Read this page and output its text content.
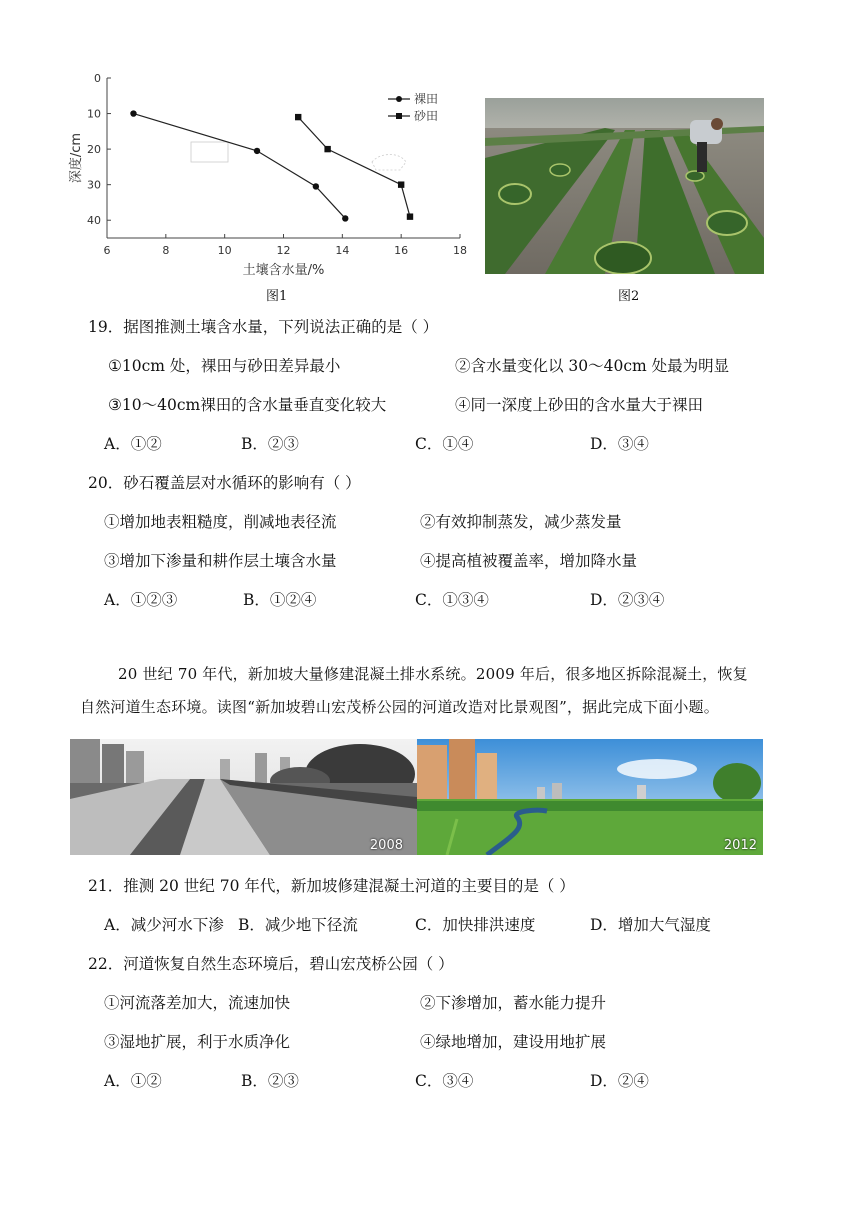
6	8	10	12	14	16	18
0
10
20
30
40
土壤含水量/%
深度/cm
裸田
砂田
图1	图2
19．据图推测土壤含水量，下列说法正确的是（ ）
①10cm 处，裸田与砂田差异最小	②含水量变化以 30～40cm 处最为明显
③10～40cm裸田的含水量垂直变化较大	④同一深度上砂田的含水量大于裸田
A．①②	B．②③	C．①④	D．③④
20．砂石覆盖层对水循环的影响有（ ）
①增加地表粗糙度，削减地表径流	②有效抑制蒸发，减少蒸发量
③增加下渗量和耕作层土壤含水量	④提高植被覆盖率，增加降水量
A．①②③	B．①②④	C．①③④	D．②③④
20 世纪 70 年代，新加坡大量修建混凝土排水系统。2009 年后，很多地区拆除混凝土，恢复
自然河道生态环境。读图“新加坡碧山宏茂桥公园的河道改造对比景观图”，据此完成下面小题。
2008	2012
21．推测 20 世纪 70 年代，新加坡修建混凝土河道的主要目的是（ ）
A．减少河水下渗 B．减少地下径流	C．加快排洪速度	D．增加大气湿度
22．河道恢复自然生态环境后，碧山宏茂桥公园（ ）
①河流落差加大，流速加快	②下渗增加，蓄水能力提升
③湿地扩展，利于水质净化	④绿地增加，建设用地扩展
A．①②	B．②③	C．③④	D．②④
